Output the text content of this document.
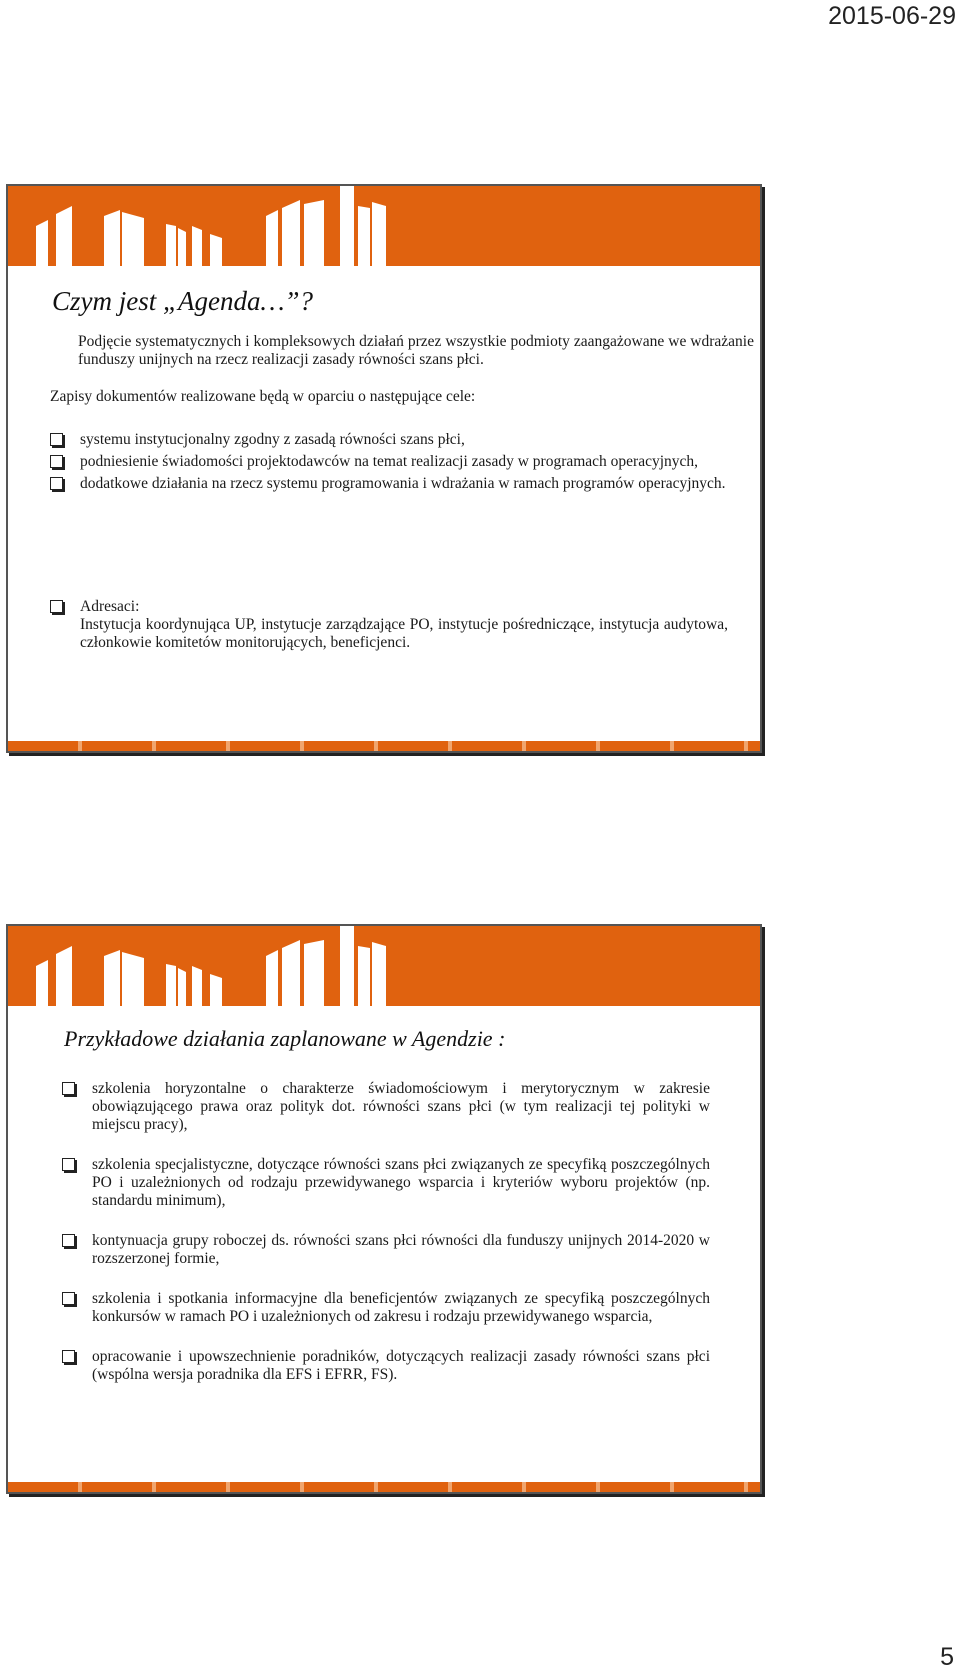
2015-06-29
Czym jest „Agenda…”?

Podjęcie systematycznych i kompleksowych działań przez wszystkie podmioty zaangażowane we wdrażanie funduszy unijnych na rzecz realizacji zasady równości szans płci.

Zapisy dokumentów realizowane będą w oparciu o następujące cele:

systemu instytucjonalny zgodny z zasadą równości szans płci,
podniesienie świadomości projektodawców na temat realizacji zasady w programach operacyjnych,
dodatkowe działania na rzecz systemu programowania i wdrażania w ramach programów operacyjnych.
Adresaci:
Instytucja koordynująca UP, instytucje zarządzające PO, instytucje pośredniczące, instytucja audytowa, członkowie komitetów monitorujących, beneficjenci.
Przykładowe działania zaplanowane w Agendzie :
szkolenia horyzontalne o charakterze świadomościowym i merytorycznym w zakresie obowiązującego prawa oraz polityk dot. równości szans płci (w tym realizacji tej polityki w miejscu pracy),
szkolenia specjalistyczne, dotyczące równości szans płci związanych ze specyfiką poszczególnych PO i uzależnionych od rodzaju przewidywanego wsparcia i kryteriów wyboru projektów (np. standardu minimum),
kontynuacja grupy roboczej ds. równości szans płci równości dla funduszy unijnych 2014-2020 w rozszerzonej formie,
szkolenia i spotkania informacyjne dla beneficjentów związanych ze specyfiką poszczególnych konkursów w ramach PO i uzależnionych od zakresu i rodzaju przewidywanego wsparcia,
opracowanie i upowszechnienie poradników, dotyczących realizacji zasady równości szans płci (wspólna wersja poradnika dla EFS i EFRR, FS).
5
